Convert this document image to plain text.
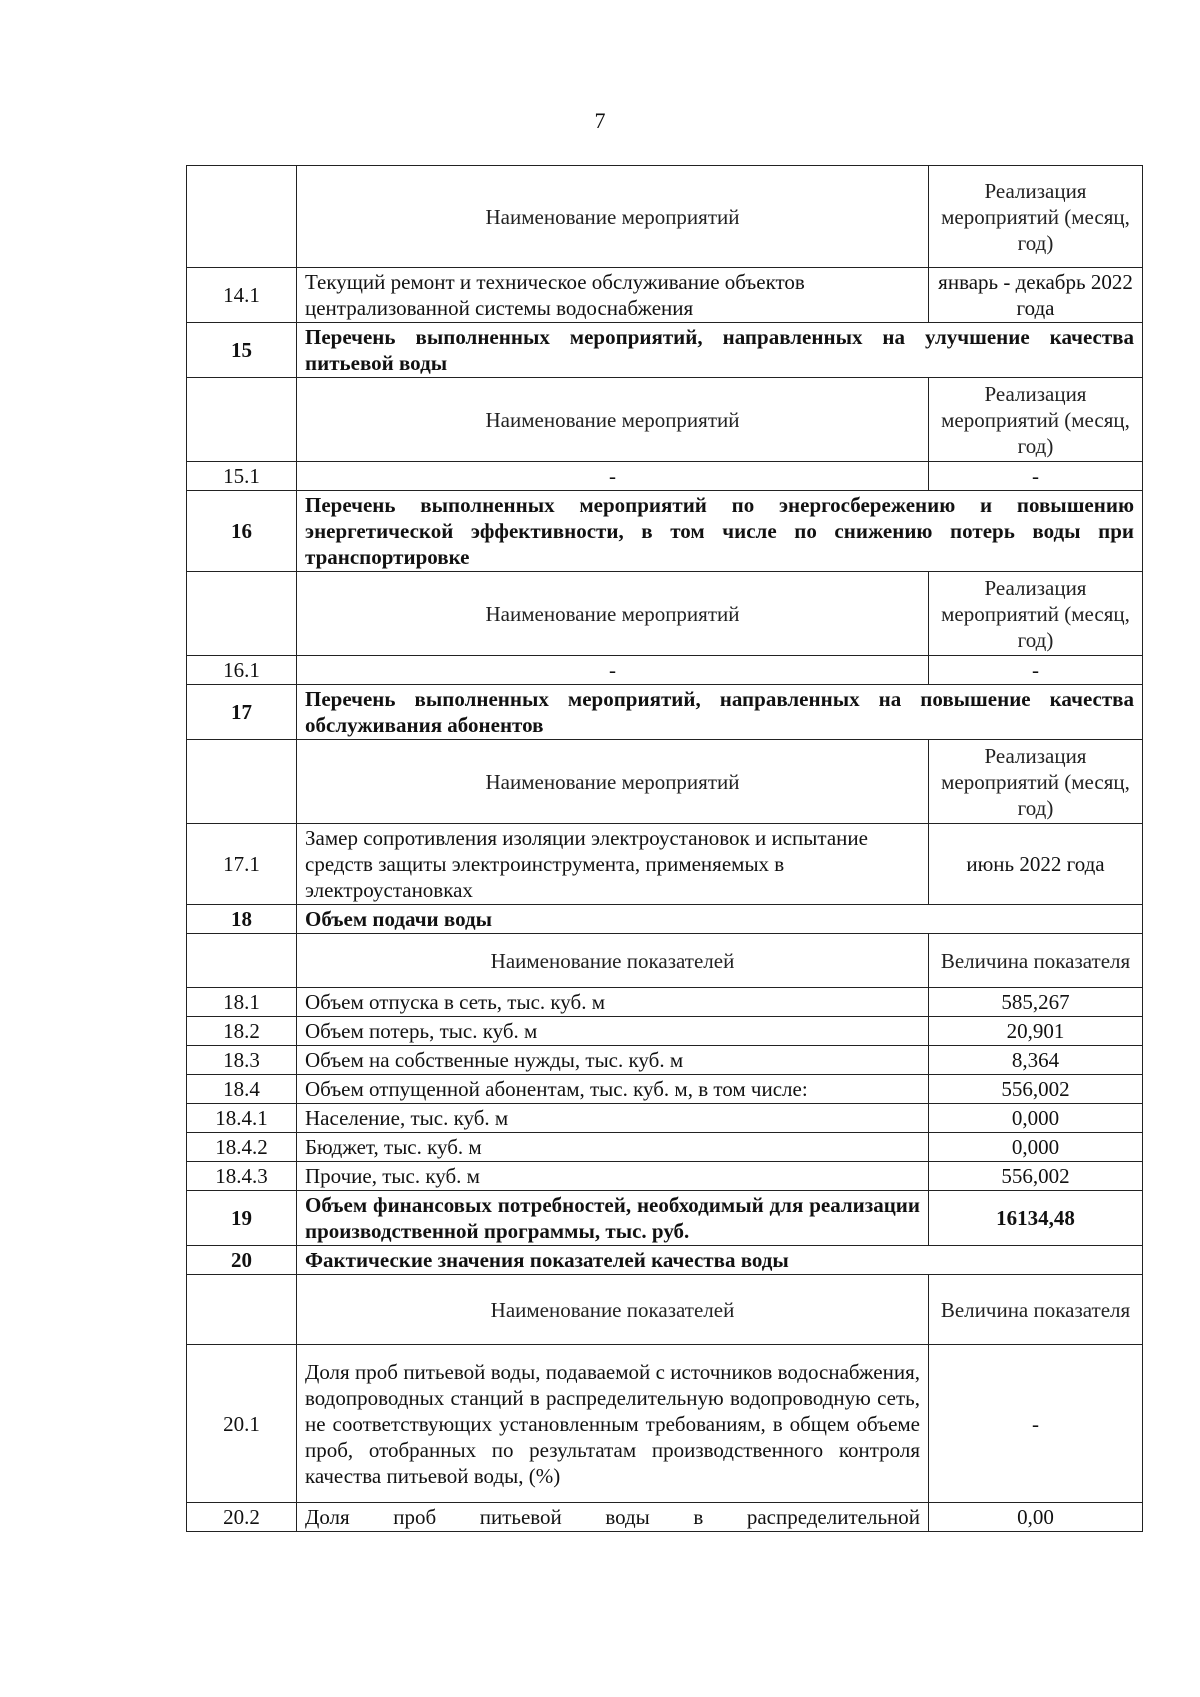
7
	Наименование мероприятий	Реализация мероприятий (месяц, год)
14.1	Текущий ремонт и техническое обслуживание объектов централизованной системы водоснабжения	январь - декабрь 2022 года
15	Перечень выполненных мероприятий, направленных на улучшение качества питьевой воды	
	Наименование мероприятий	Реализация мероприятий (месяц, год)
15.1	-	-
16	Перечень выполненных мероприятий по энергосбережению и повышению энергетической эффективности, в том числе по снижению потерь воды при транспортировке	
	Наименование мероприятий	Реализация мероприятий (месяц, год)
16.1	-	-
17	Перечень выполненных мероприятий, направленных на повышение качества обслуживания абонентов	
	Наименование мероприятий	Реализация мероприятий (месяц, год)
17.1	Замер сопротивления изоляции электроустановок и испытание средств защиты электроинструмента, применяемых в электроустановках	июнь 2022 года
18	Объем подачи воды	
	Наименование показателей	Величина показателя
18.1	Объем отпуска в сеть, тыс. куб. м	585,267
18.2	Объем потерь, тыс. куб. м	20,901
18.3	Объем на собственные нужды, тыс. куб. м	8,364
18.4	Объем отпущенной абонентам, тыс. куб. м, в том числе:	556,002
18.4.1	Население, тыс. куб. м	0,000
18.4.2	Бюджет, тыс. куб. м	0,000
18.4.3	Прочие, тыс. куб. м	556,002
19	Объем финансовых потребностей, необходимый для реализации производственной программы, тыс. руб.	16134,48
20	Фактические значения показателей качества воды	
	Наименование показателей	Величина показателя
20.1	Доля проб питьевой воды, подаваемой с источников водоснабжения, водопроводных станций в распределительную водопроводную сеть, не соответствующих установленным требованиям, в общем объеме проб, отобранных по результатам производственного контроля качества питьевой воды, (%)	-
20.2	Доля проб питьевой воды в распределительной	0,00
